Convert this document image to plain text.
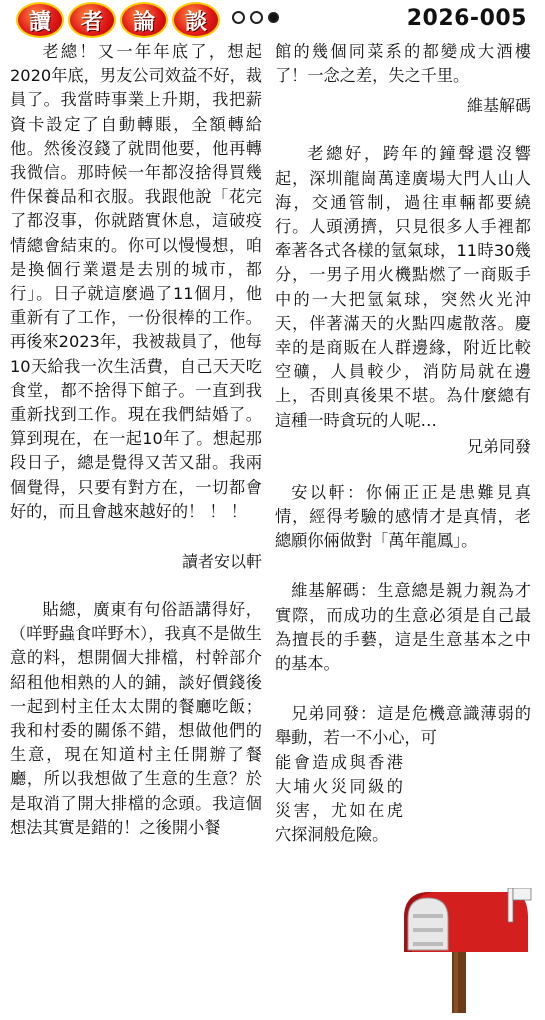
讀	者	論	談	2026-005

老總！又一年年底了，想起2020年底，男友公司效益不好，裁員了。我當時事業上升期，我把薪資卡設定了自動轉賬，全額轉給他。然後沒錢了就問他要，他再轉我微信。那時候一年都沒捨得買幾件保養品和衣服。我跟他說「花完了都沒事，你就踏實休息，這破疫情總會結束的。你可以慢慢想，咱是換個行業還是去別的城市，都行」。日子就這麼過了11個月，他重新有了工作，一份很棒的工作。再後來2023年，我被裁員了，他每10天給我一次生活費，自己天天吃食堂，都不捨得下館子。一直到我重新找到工作。現在我們結婚了。算到現在，在一起10年了。想起那段日子，總是覺得又苦又甜。我兩個覺得，只要有對方在，一切都會好的，而且會越來越好的！ ！ ！

讀者安以軒

貼總，廣東有句俗語講得好，（咩野蟲食咩野木），我真不是做生意的料，想開個大排檔，村幹部介紹租他相熟的人的鋪，談好價錢後一起到村主任太太開的餐廳吃飯；我和村委的關係不錯，想做他們的生意，現在知道村主任開辦了餐廳，所以我想做了生意的生意？於是取消了開大排檔的念頭。我這個想法其實是錯的！之後開小餐

館的幾個同菜系的都變成大酒樓了！一念之差，失之千里。

維基解碼

老總好，跨年的鐘聲還沒響起，深圳龍崗萬達廣場大門人山人海，交通管制，過往車輛都要繞行。人頭湧擠，只見很多人手裡都牽著各式各樣的氫氣球，11時30幾分，一男子用火機點燃了一商販手中的一大把氫氣球，突然火光沖天，伴著滿天的火點四處散落。慶幸的是商販在人群邊緣，附近比較空礦，人員較少，消防局就在邊上，否則真後果不堪。為什麼總有這種一時貪玩的人呢…

兄弟同發

安以軒：你倆正正是患難見真情，經得考驗的感情才是真情，老總願你倆做對「萬年龍鳳」。

維基解碼：生意總是親力親為才實際，而成功的生意必須是自己最為擅長的手藝，這是生意基本之中的基本。

兄弟同發：這是危機意識薄弱的舉動，若一不小心，可

能會造成與香港大埔火災同級的災害，尤如在虎穴探洞般危險。
